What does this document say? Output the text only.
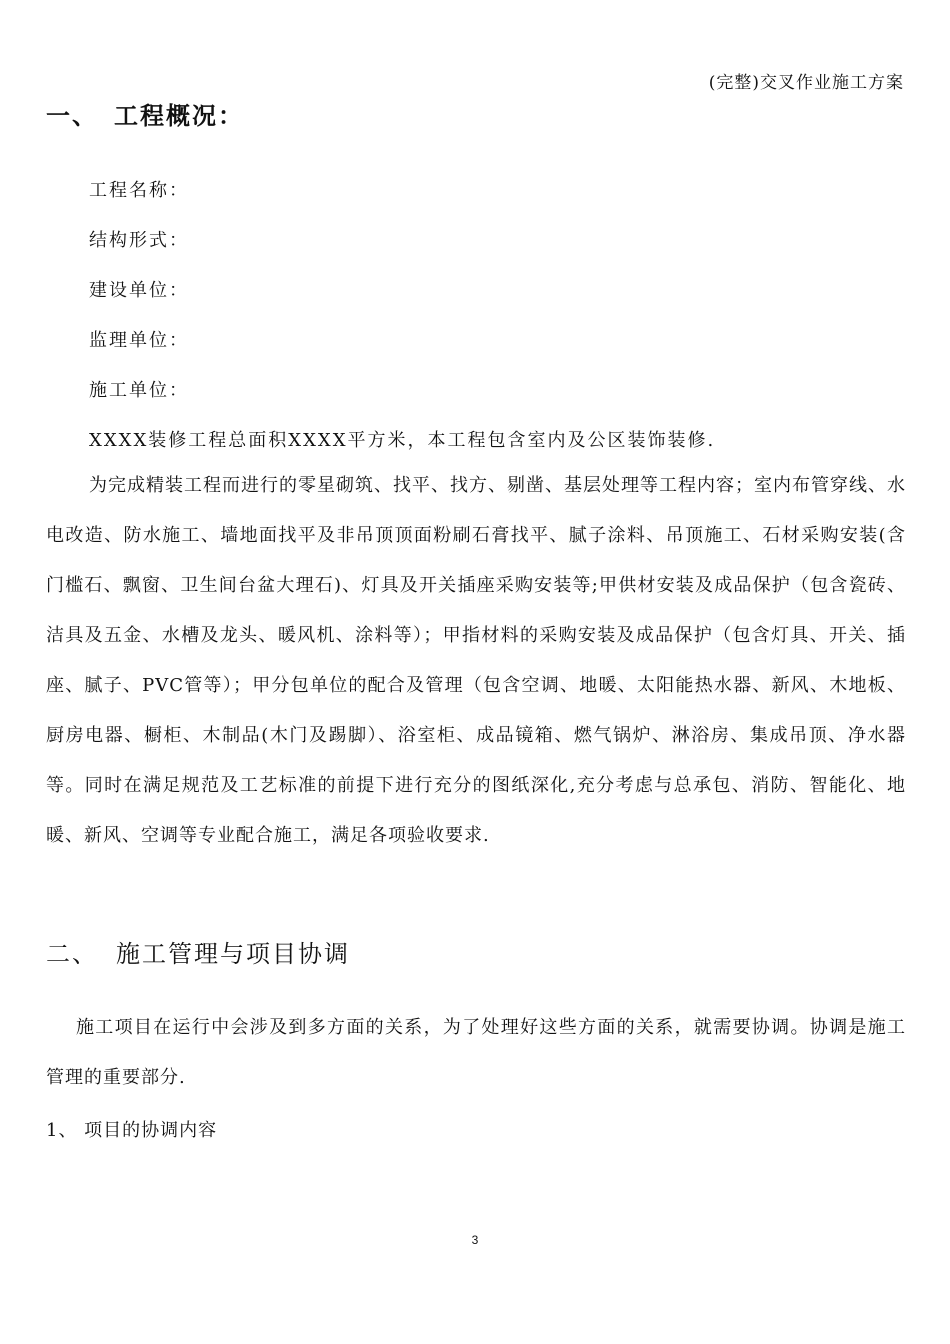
(完整)交叉作业施工方案
一、 工程概况：
工程名称：
结构形式：
建设单位：
监理单位：
施工单位：
XXXX装修工程总面积XXXX平方米，本工程包含室内及公区装饰装修.
为完成精装工程而进行的零星砌筑、找平、找方、剔凿、基层处理等工程内容；室内布管穿线、水电改造、防水施工、墙地面找平及非吊顶顶面粉刷石膏找平、腻子涂料、吊顶施工、石材采购安装(含门槛石、飘窗、卫生间台盆大理石)、灯具及开关插座采购安装等;甲供材安装及成品保护（包含瓷砖、洁具及五金、水槽及龙头、暖风机、涂料等）；甲指材料的采购安装及成品保护（包含灯具、开关、插座、腻子、PVC管等）；甲分包单位的配合及管理（包含空调、地暖、太阳能热水器、新风、木地板、厨房电器、橱柜、木制品(木门及踢脚）、浴室柜、成品镜箱、燃气锅炉、淋浴房、集成吊顶、净水器等。同时在满足规范及工艺标准的前提下进行充分的图纸深化,充分考虑与总承包、消防、智能化、地暖、新风、空调等专业配合施工，满足各项验收要求.
二、 施工管理与项目协调
施工项目在运行中会涉及到多方面的关系，为了处理好这些方面的关系，就需要协调。协调是施工管理的重要部分.
1、 项目的协调内容
3
